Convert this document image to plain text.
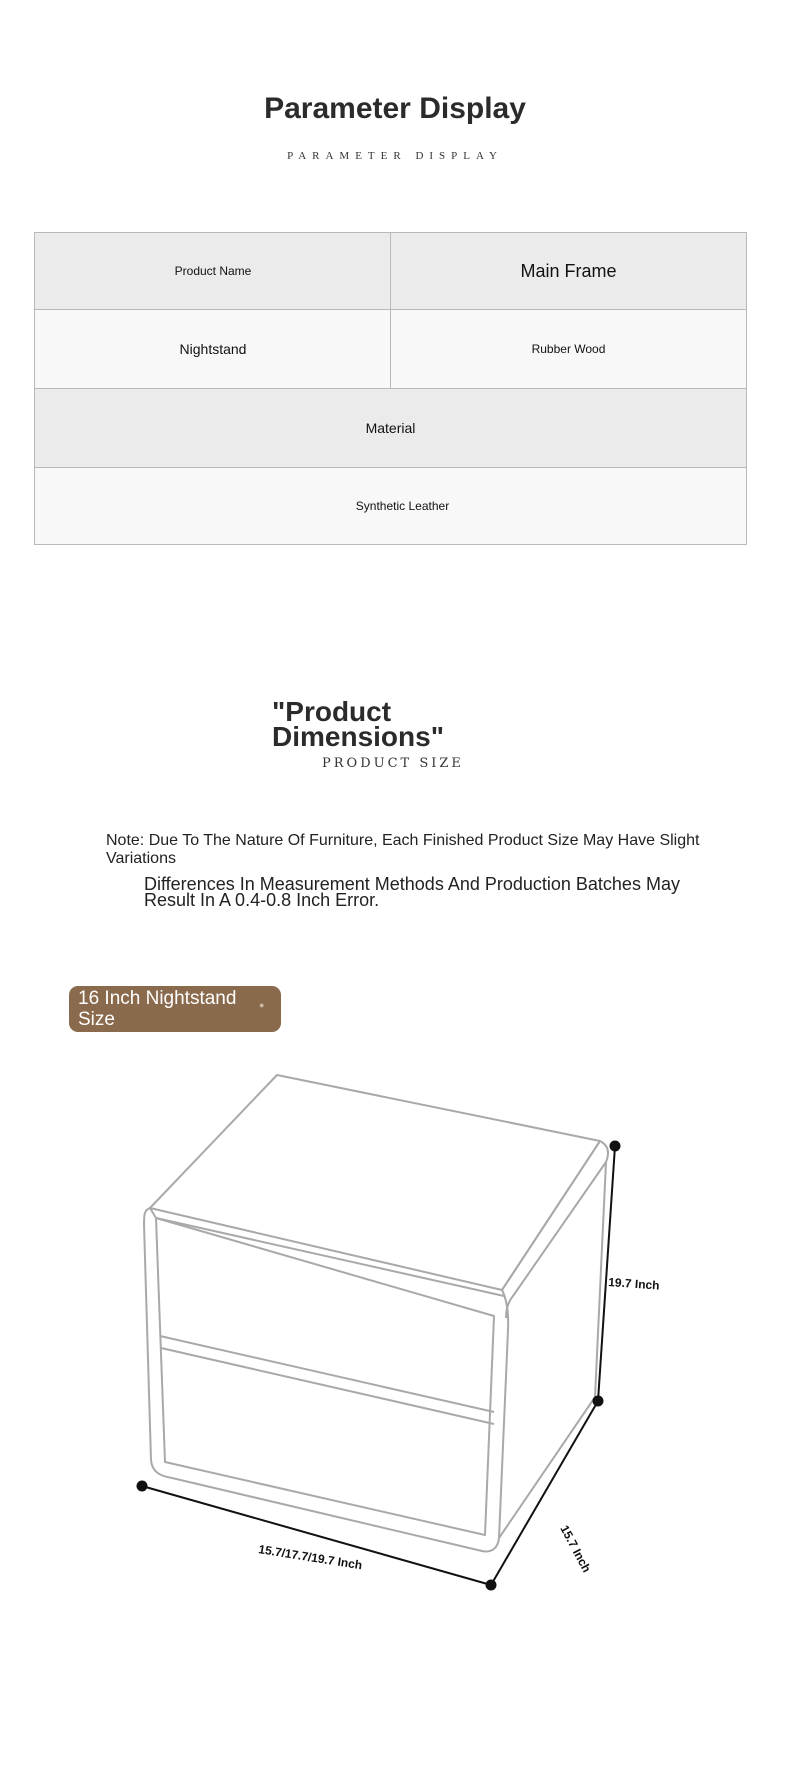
Parameter Display
PARAMETER DISPLAY
Product Name	Main Frame
Nightstand	Rubber Wood
Material
Synthetic Leather
"Product Dimensions"
PRODUCT SIZE
Note: Due To The Nature Of Furniture, Each Finished Product Size May Have Slight Variations
Differences In Measurement Methods And Production Batches May Result In A 0.4-0.8 Inch Error.
16 Inch Nightstand Size
●
19.7 Inch
15.7 Inch
15.7/17.7/19.7 Inch
